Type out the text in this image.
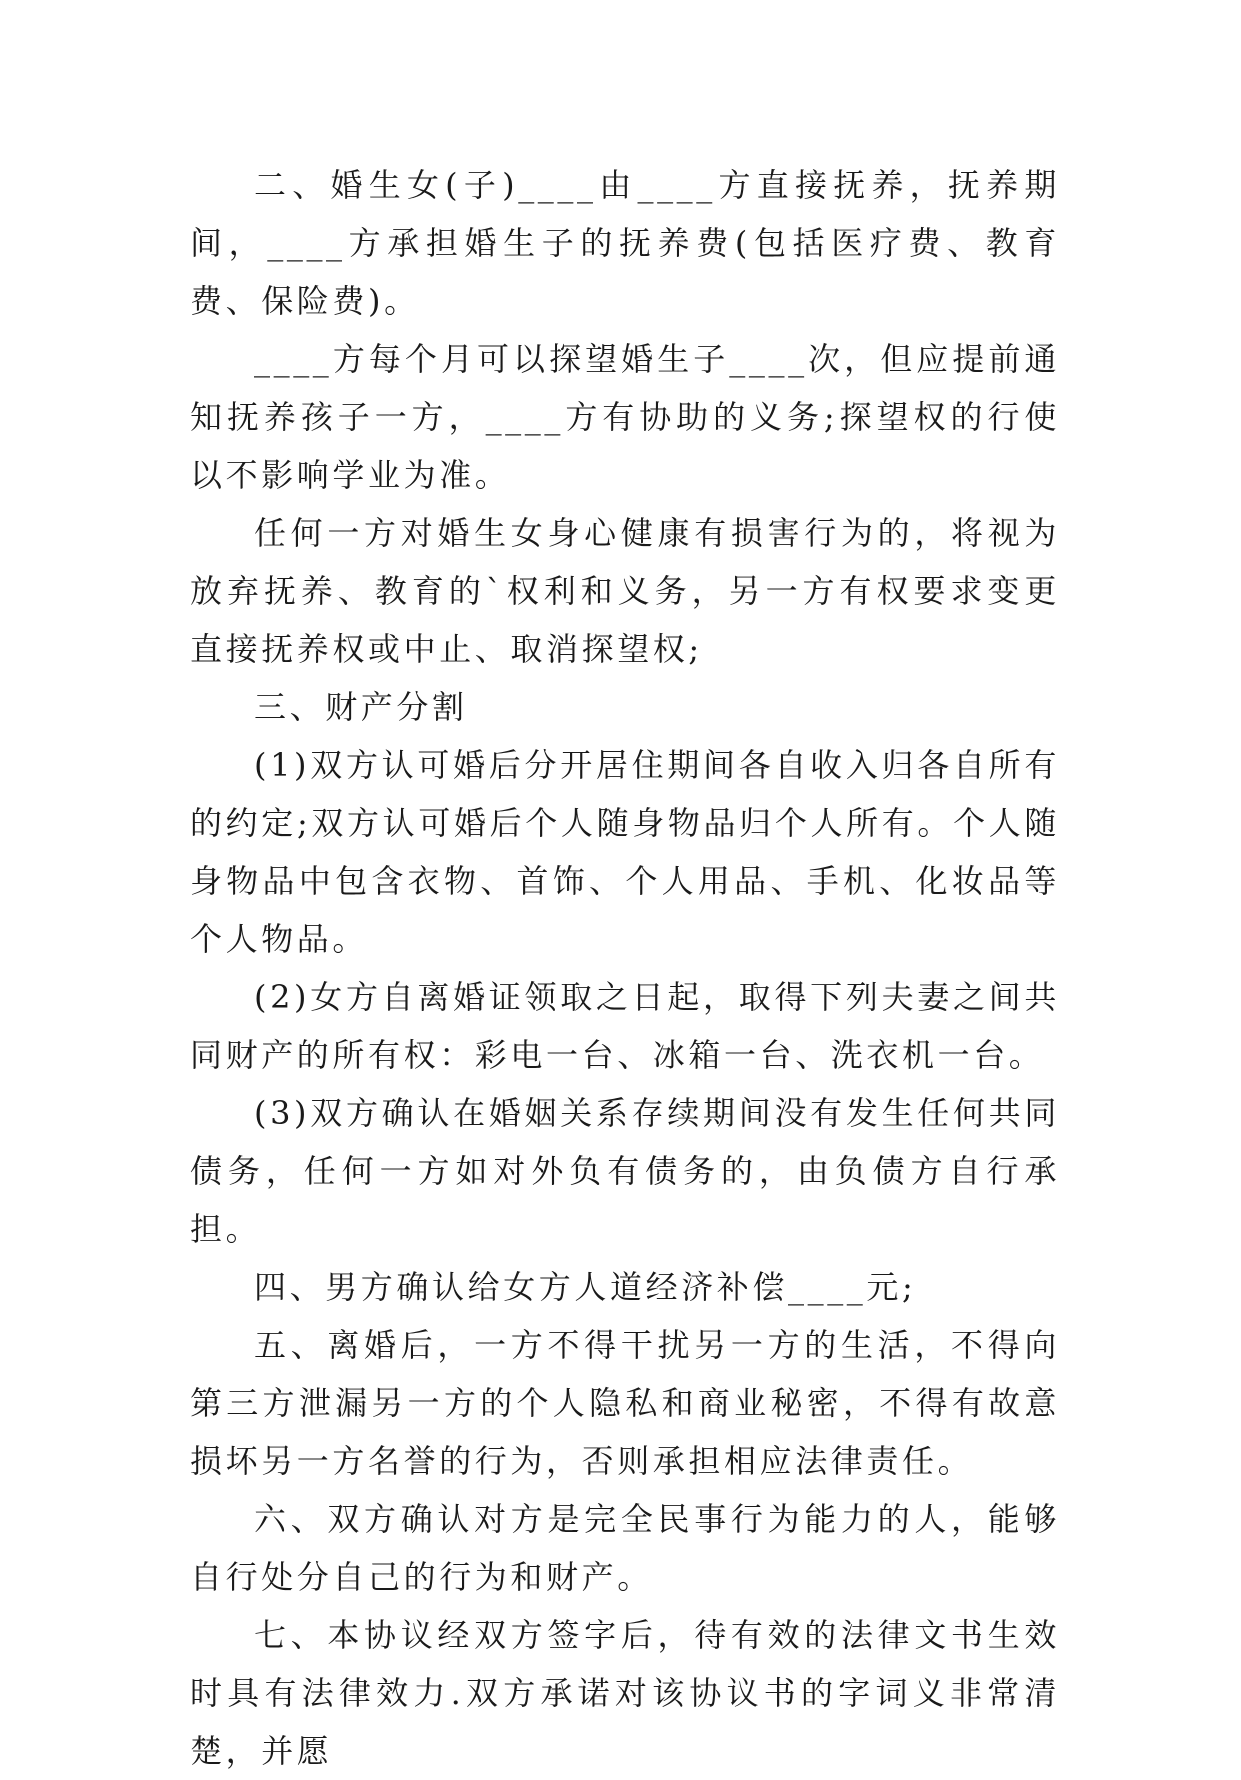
二、婚生女(子)____由____方直接抚养，抚养期间，____方承担婚生子的抚养费(包括医疗费、教育费、保险费)。

____方每个月可以探望婚生子____次，但应提前通知抚养孩子一方，____方有协助的义务;探望权的行使以不影响学业为准。

任何一方对婚生女身心健康有损害行为的，将视为放弃抚养、教育的`权利和义务，另一方有权要求变更直接抚养权或中止、取消探望权;

三、财产分割

(1)双方认可婚后分开居住期间各自收入归各自所有的约定;双方认可婚后个人随身物品归个人所有。个人随身物品中包含衣物、首饰、个人用品、手机、化妆品等个人物品。

(2)女方自离婚证领取之日起，取得下列夫妻之间共同财产的所有权：彩电一台、冰箱一台、洗衣机一台。

(3)双方确认在婚姻关系存续期间没有发生任何共同债务，任何一方如对外负有债务的，由负债方自行承担。

四、男方确认给女方人道经济补偿____元;

五、离婚后，一方不得干扰另一方的生活，不得向第三方泄漏另一方的个人隐私和商业秘密，不得有故意损坏另一方名誉的行为，否则承担相应法律责任。

六、双方确认对方是完全民事行为能力的人，能够自行处分自己的行为和财产。

七、本协议经双方签字后，待有效的法律文书生效时具有法律效力.双方承诺对该协议书的字词义非常清楚，并愿
